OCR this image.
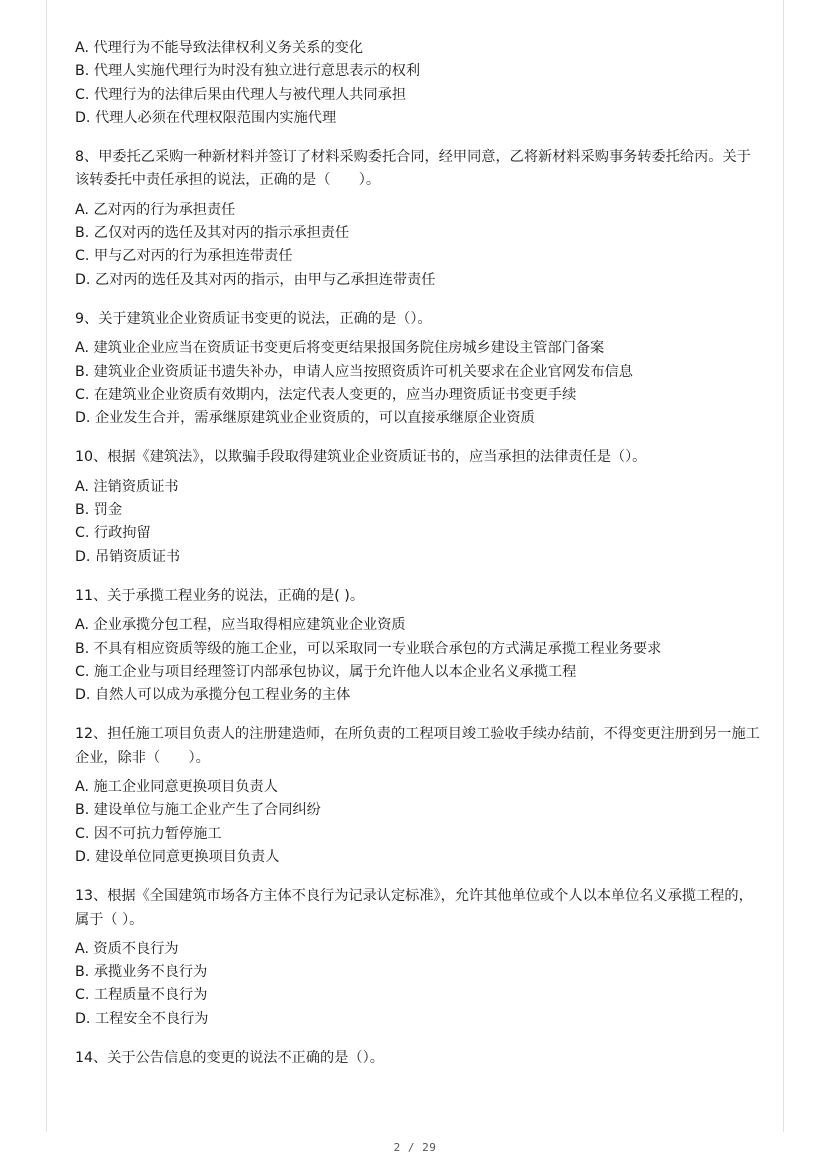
A. 代理行为不能导致法律权利义务关系的变化

B. 代理人实施代理行为时没有独立进行意思表示的权利

C. 代理行为的法律后果由代理人与被代理人共同承担

D. 代理人必须在代理权限范围内实施代理

8、甲委托乙采购一种新材料并签订了材料采购委托合同，经甲同意，乙将新材料采购事务转委托给丙。关于该转委托中责任承担的说法，正确的是（　　）。

A. 乙对丙的行为承担责任

B. 乙仅对丙的选任及其对丙的指示承担责任

C. 甲与乙对丙的行为承担连带责任

D. 乙对丙的选任及其对丙的指示，由甲与乙承担连带责任

9、关于建筑业企业资质证书变更的说法，正确的是（）。

A. 建筑业企业应当在资质证书变更后将变更结果报国务院住房城乡建设主管部门备案

B. 建筑业企业资质证书遗失补办，申请人应当按照资质许可机关要求在企业官网发布信息

C. 在建筑业企业资质有效期内，法定代表人变更的，应当办理资质证书变更手续

D. 企业发生合并，需承继原建筑业企业资质的，可以直接承继原企业资质

10、根据《建筑法》，以欺骗手段取得建筑业企业资质证书的，应当承担的法律责任是（）。

A. 注销资质证书

B. 罚金

C. 行政拘留

D. 吊销资质证书

11、关于承揽工程业务的说法，正确的是( )。

A. 企业承揽分包工程，应当取得相应建筑业企业资质

B. 不具有相应资质等级的施工企业，可以采取同一专业联合承包的方式满足承揽工程业务要求

C. 施工企业与项目经理签订内部承包协议，属于允许他人以本企业名义承揽工程

D. 自然人可以成为承揽分包工程业务的主体

12、担任施工项目负责人的注册建造师，在所负责的工程项目竣工验收手续办结前，不得变更注册到另一施工企业，除非（　　）。

A. 施工企业同意更换项目负责人

B. 建设单位与施工企业产生了合同纠纷

C. 因不可抗力暂停施工

D. 建设单位同意更换项目负责人

13、根据《全国建筑市场各方主体不良行为记录认定标准》，允许其他单位或个人以本单位名义承揽工程的，属于（ ）。

A. 资质不良行为

B. 承揽业务不良行为

C. 工程质量不良行为

D. 工程安全不良行为

14、关于公告信息的变更的说法不正确的是（）。

2 / 29
